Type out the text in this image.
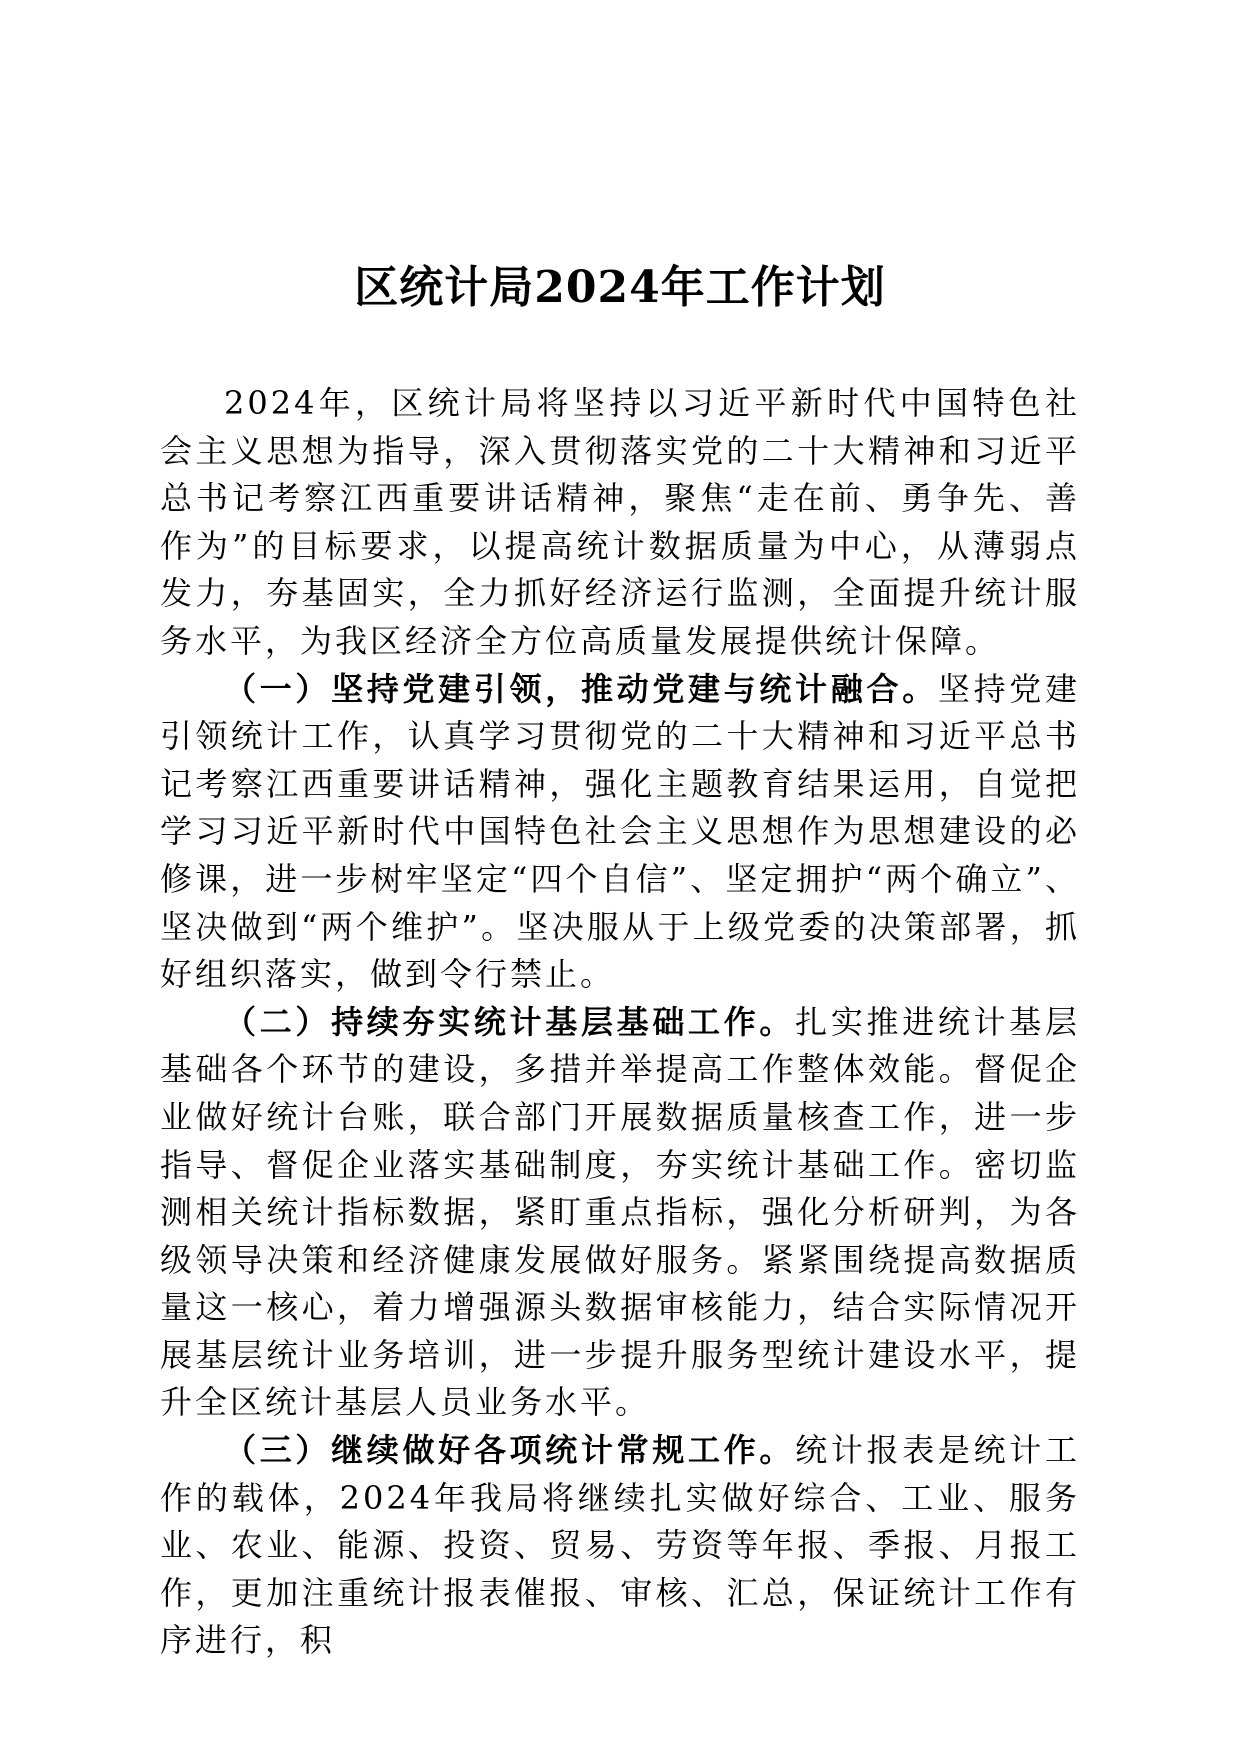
区统计局2024年工作计划

2024年，区统计局将坚持以习近平新时代中国特色社会主义思想为指导，深入贯彻落实党的二十大精神和习近平总书记考察江西重要讲话精神，聚焦“走在前、勇争先、善作为”的目标要求，以提高统计数据质量为中心，从薄弱点发力，夯基固实，全力抓好经济运行监测，全面提升统计服务水平，为我区经济全方位高质量发展提供统计保障。

（一）坚持党建引领，推动党建与统计融合。坚持党建引领统计工作，认真学习贯彻党的二十大精神和习近平总书记考察江西重要讲话精神，强化主题教育结果运用，自觉把学习习近平新时代中国特色社会主义思想作为思想建设的必修课，进一步树牢坚定“四个自信”、坚定拥护“两个确立”、坚决做到“两个维护”。坚决服从于上级党委的决策部署，抓好组织落实，做到令行禁止。

（二）持续夯实统计基层基础工作。扎实推进统计基层基础各个环节的建设，多措并举提高工作整体效能。督促企业做好统计台账，联合部门开展数据质量核查工作，进一步指导、督促企业落实基础制度，夯实统计基础工作。密切监测相关统计指标数据，紧盯重点指标，强化分析研判，为各级领导决策和经济健康发展做好服务。紧紧围绕提高数据质量这一核心，着力增强源头数据审核能力，结合实际情况开展基层统计业务培训，进一步提升服务型统计建设水平，提升全区统计基层人员业务水平。

（三）继续做好各项统计常规工作。统计报表是统计工作的载体，2024年我局将继续扎实做好综合、工业、服务业、农业、能源、投资、贸易、劳资等年报、季报、月报工作，更加注重统计报表催报、审核、汇总，保证统计工作有序进行，积
